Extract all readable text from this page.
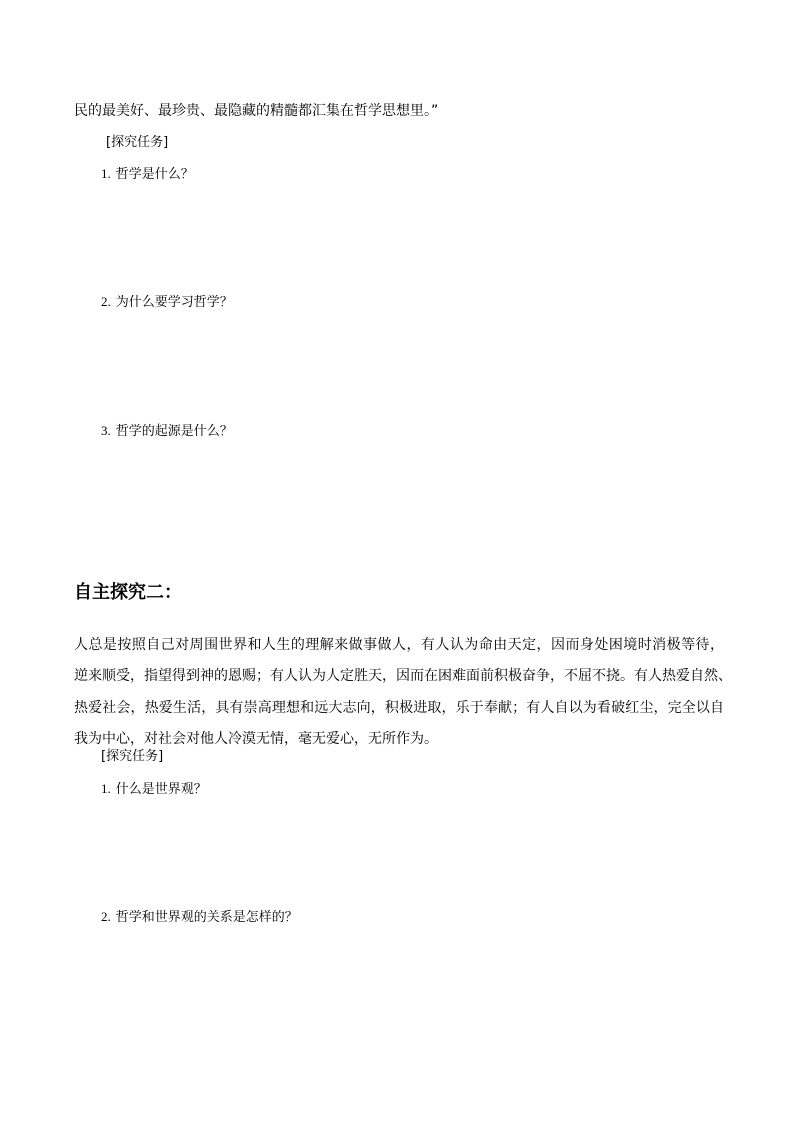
民的最美好、最珍贵、最隐藏的精髓都汇集在哲学思想里。”

[探究任务]

1. 哲学是什么？

2. 为什么要学习哲学？

3. 哲学的起源是什么？

自主探究二：

人总是按照自己对周围世界和人生的理解来做事做人，有人认为命由天定，因而身处困境时消极等待，

逆来顺受，指望得到神的恩赐；有人认为人定胜天，因而在困难面前积极奋争，不屈不挠。有人热爱自然、

热爱社会，热爱生活，具有崇高理想和远大志向，积极进取，乐于奉献；有人自以为看破红尘，完全以自

我为中心，对社会对他人冷漠无情，毫无爱心，无所作为。

[探究任务]

1. 什么是世界观？

2. 哲学和世界观的关系是怎样的？
